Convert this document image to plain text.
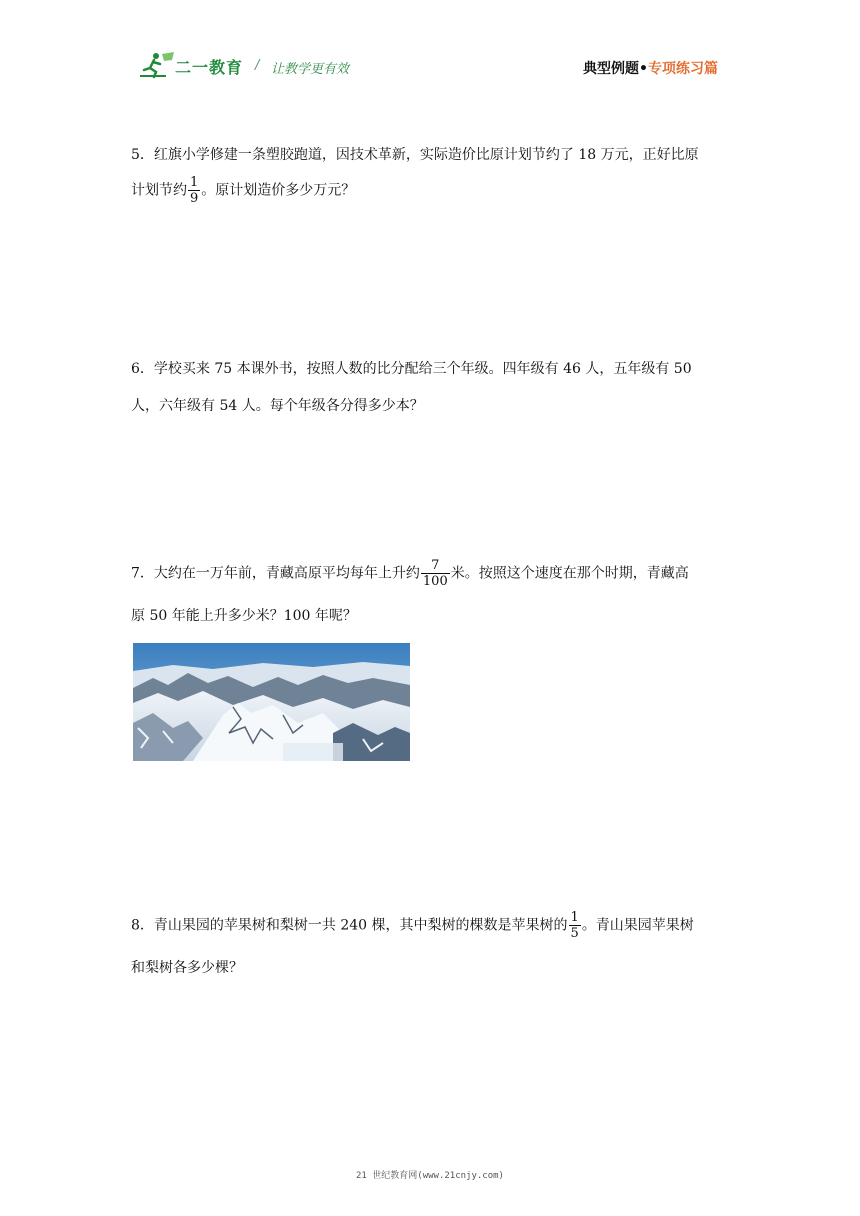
二一教育 / 让教学更有效	典型例题•专项练习篇
5．红旗小学修建一条塑胶跑道，因技术革新，实际造价比原计划节约了 18 万元，正好比原
计划节约 $\frac{1}{9}$ 。原计划造价多少万元？
6．学校买来 75 本课外书，按照人数的比分配给三个年级。四年级有 46 人，五年级有 50
人，六年级有 54 人。每个年级各分得多少本？
7．大约在一万年前，青藏高原平均每年上升约 $\frac{7}{100}$ 米。按照这个速度在那个时期，青藏高
原 50 年能上升多少米？100 年呢？
8．青山果园的苹果树和梨树一共 240 棵，其中梨树的棵数是苹果树的 $\frac{1}{5}$ 。青山果园苹果树
和梨树各多少棵？
21 世纪教育网(www.21cnjy.com)
